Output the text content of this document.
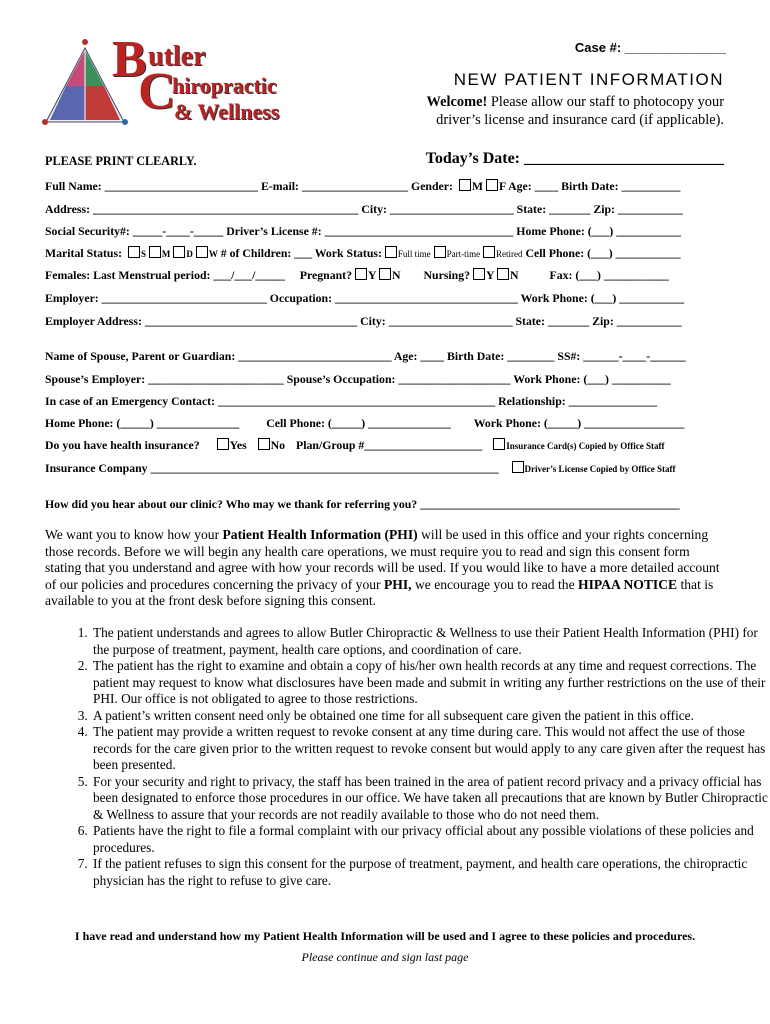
B utler
C
hiropractic
& Wellness
Case #: ______________
NEW PATIENT INFORMATION
Welcome! Please allow our staff to photocopy your
driver’s license and insurance card (if applicable).
PLEASE PRINT CLEARLY.	Today’s Date: _________________________
Full Name: __________________________ E-mail: __________________ Gender: M F Age: ____ Birth Date: __________
Address: _____________________________________________ City: _____________________ State: _______ Zip: ___________
Social Security#: _____-____-_____ Driver’s License #: ________________________________ Home Phone: (___) ___________
Marital Status: S M D W # of Children: ___ Work Status: Full time Part-time Retired Cell Phone: (___) ___________
Females: Last Menstrual period: ___/___/_____ Pregnant? Y N Nursing? Y N	Fax: (___) ___________
Employer: ____________________________ Occupation: _______________________________ Work Phone: (___) ___________
Employer Address: ____________________________________ City: _____________________ State: _______ Zip: ___________
Name of Spouse, Parent or Guardian: __________________________ Age: ____ Birth Date: ________ SS#: ______-____-______
Spouse’s Employer: _______________________ Spouse’s Occupation: ___________________ Work Phone: (___) __________
In case of an Emergency Contact: _______________________________________________ Relationship: _______________
Home Phone: (_____) ______________ Cell Phone: (_____) ______________ Work Phone: (_____) _________________
Do you have health insurance?	Yes No Plan/Group #____________________	Insurance Card(s) Copied by Office Staff
Insurance Company ___________________________________________________________	Driver’s License Copied by Office Staff
How did you hear about our clinic? Who may we thank for referring you? ____________________________________________
We want you to know how your Patient Health Information (PHI) will be used in this office and your rights concerning those records. Before we will begin any health care operations, we must require you to read and sign this consent form stating that you understand and agree with how your records will be used. If you would like to have a more detailed account of our policies and procedures concerning the privacy of your PHI, we encourage you to read the HIPAA NOTICE that is available to you at the front desk before signing this consent.
1. The patient understands and agrees to allow Butler Chiropractic & Wellness to use their Patient Health Information (PHI) for the purpose of treatment, payment, health care options, and coordination of care.
2. The patient has the right to examine and obtain a copy of his/her own health records at any time and request corrections. The patient may request to know what disclosures have been made and submit in writing any further restrictions on the use of their PHI. Our office is not obligated to agree to those restrictions.
3. A patient’s written consent need only be obtained one time for all subsequent care given the patient in this office.
4. The patient may provide a written request to revoke consent at any time during care. This would not affect the use of those records for the care given prior to the written request to revoke consent but would apply to any care given after the request has been presented.
5. For your security and right to privacy, the staff has been trained in the area of patient record privacy and a privacy official has been designated to enforce those procedures in our office. We have taken all precautions that are known by Butler Chiropractic & Wellness to assure that your records are not readily available to those who do not need them.
6. Patients have the right to file a formal complaint with our privacy official about any possible violations of these policies and procedures.
7. If the patient refuses to sign this consent for the purpose of treatment, payment, and health care operations, the chiropractic physician has the right to refuse to give care.
I have read and understand how my Patient Health Information will be used and I agree to these policies and procedures.
Please continue and sign last page
